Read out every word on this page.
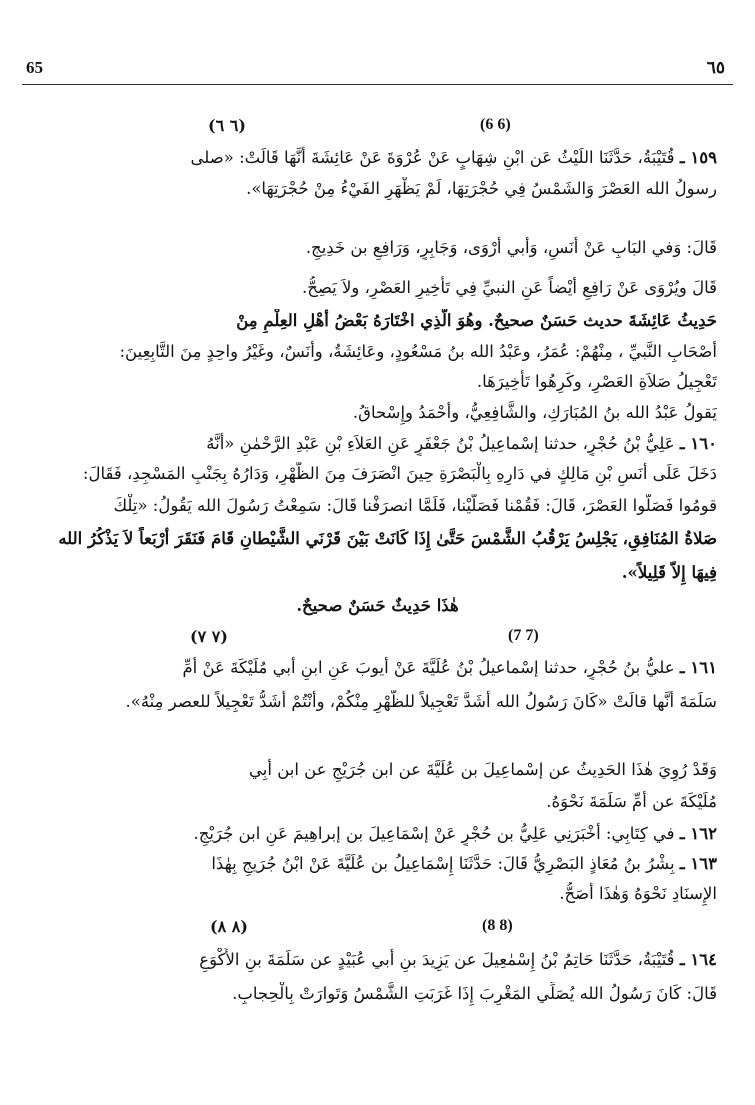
65	٦٥
(٦ ٦)	(6 6)
١٥٩ ـ قُتَيْبَةُ، حَدَّثَنَا اللَيْثُ عَن ابْنِ شِهَابٍ عَنْ عُرْوَةَ عَنْ عَائِشَةَ أَنَّهَا قَالَتْ: «صلى
رسولُ الله العَصْرَ وَالشَمْسُ فِي حُجْرَتِهَا، لَمْ يَظْهَرِ الفَيْءُ مِنْ حُجْرَتِهَا».
قَالَ: وَفي البَابِ عَنْ أَنَسٍ، وَأَبي أَرْوَى، وَجَابِرٍ، وَرَافِعِ بن خَدِيجٍ.
قَالَ ويُرْوَى عَنْ رَافِعٍ أَيْضاً عَنِ النبيِّ فِي تَأْخِيرِ العَصْرِ، ولاَ يَصِحُّ.
حَدِيثُ عَائِشَةَ حديث حَسَنٌ صحيحٌ. وهُوَ الَّذِي اخْتَارَهُ بَعْضُ أَهْلِ العِلْمِ مِنْ
أَصْحَابِ النَّبيِّ ، مِنْهُمْ: عُمَرُ، وعَبْدُ الله بنُ مَسْعُودٍ، وعَائِشَةُ، وأَنَسٌ، وغَيْرُ واحِدٍ مِنَ التَّابِعِينَ:
تَعْجِيلُ صَلاَةِ العَصْرِ، وكَرِهُوا تَأْخِيرَهَا.
يَقولُ عَبْدُ الله بنُ المُبَارَكِ، والشَّافِعِيُّ، وأَحْمَدُ وإِسْحاقُ.
١٦٠ ـ عَلِيُّ بْنُ حُجْرٍ، حدثنا إسْماعِيلُ بْنُ جَعْفَرٍ عَنِ العَلاَءِ بْنِ عَبْدِ الرَّحْمٰنِ «أَنَّهُ
دَخَلَ عَلَى أَنَسِ بْنِ مَالِكٍ في دَارِهِ بِالْبَصْرَةِ حِينَ انْصَرَفَ مِنَ الظُّهْرِ، وَدَارُهُ بِجَنْبِ المَسْجِدِ، فَقَالَ:
قومُوا فَصَلُّوا العَصْرَ، قَالَ: فَقُمْنا فَصَلَّيْنا، فَلَمَّا انصرَفْنا قَالَ: سَمِعْتُ رَسُولَ الله يَقُولُ: «تِلْكَ
صَلاةُ المُنَافِقِ، يَجْلِسُ يَرْقُبُ الشَّمْسَ حَتَّىٰ إِذَا كَانَتْ بَيْنَ قَرْنَي الشَّيْطانِ قَامَ فَنَقَرَ أَرْبَعاً لاَ يَذْكُرُ الله
فِيهَا إِلاَّ قَلِيلاً».
هٰذَا حَدِيثٌ حَسَنٌ صحيحٌ.
(٧ ٧)	(7 7)
١٦١ ـ عليُّ بنُ حُجْرٍ، حدثنا إسْماعيلُ بْنُ عُلَيَّةَ عَنْ أيوبَ عَنِ ابنِ أبي مُلَيْكَةَ عَنْ أُمِّ
سَلَمَةَ أَنَّها قالَتْ «كَانَ رَسُولُ الله أَشَدَّ تَعْجِيلاً للظُّهْرِ مِنْكُمْ، وأَنْتُمْ أَشَدُّ تَعْجِيلاً للعصر مِنْهُ».
وَقَدْ رُوِيَ هٰذَا الحَدِيثُ عن إسْماعِيلَ بن عُلَيَّةَ عن ابن جُرَيْجٍ عن ابن أَبِي
مُلَيْكَةَ عن أُمِّ سَلَمَةَ نَحْوَهُ.
١٦٢ ـ في كِتَابِي: أَخْبَرَنِي عَلِيُّ بن حُجْرٍ عَنْ إسْمَاعِيلَ بن إبراهِيمَ عَنِ ابن جُرَيْجٍ.
١٦٣ ـ بِشْرُ بنُ مُعَاذٍ البَصْرِيُّ قَالَ: حَدَّثَنَا إِسْمَاعِيلُ بن عُلَيَّةَ عَنْ ابْنُ جُرَيجٍ بِهٰذَا
الإِسنَادِ نَحْوَهُ وَهٰذَا أَصَحُّ.
(٨ ٨)	(8 8)
١٦٤ ـ قُتَيْبَةُ، حَدَّثَنَا حَاتِمُ بْنُ إِسْمٰعِيلَ عن يَزِيدَ بنِ أبي عُبَيْدٍ عن سَلَمَةَ بنِ الأَكْوَعِ
قَالَ: كَانَ رَسُولُ الله يُصَلِّي المَغْرِبَ إِذَا غَرَبَتِ الشَّمْسُ وَتَوارَتْ بِالْحِجابِ.
